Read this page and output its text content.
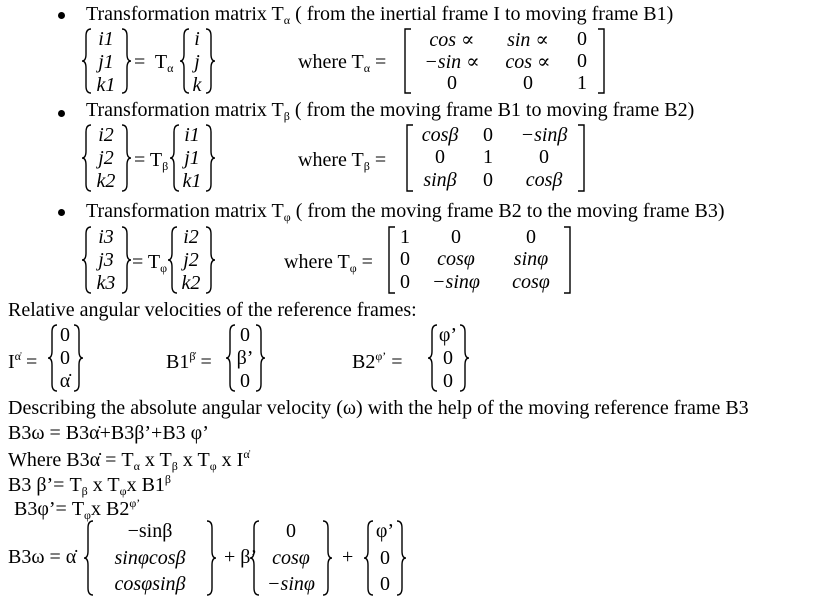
Transformation matrix $T_\alpha$ ( from the inertial frame I to moving frame B1)
i1
j1
k1
=  $T_\alpha$
i
j
k
where $T_\alpha$ =
cos ∝ sin ∝ 0
−sin ∝ cos ∝ 0
0	0 1
Transformation matrix $T_\beta$ ( from the moving frame B1 to moving frame B2)
i2
j2
k2
= $T_\beta$
i1
j1
k1
where $T_\beta$ =
cosβ 0 −sinβ
0 1 0
sinβ 0 cosβ
Transformation matrix $T_\varphi$ ( from the moving frame B2 to the moving frame B3)
i3
j3
k3
= $T_\varphi$
i2
j2
k2
where $T_\varphi$ =
1 0	0
0 cosφ sinφ
0 −sinφ cosφ
Relative angular velocities of the reference frames:
$I^{\alphȧ}$ =
0
0
α̇
$B1^{\betȧ}$ =
0
β’
0
$B2^{\varphi’}$ =
φ’
0
0
Describing the absolute angular velocity (ω) with the help of the moving reference frame B3
B3ω = B3α̇+B3β’+B3 φ’
Where B3α̇ = $T_\alpha$ x $T_\beta$ x $T_\varphi$ x $I^{\alphȧ}$
B3 β’= $T_\beta$ x $T_\varphi x$ $B1^\beta$
B3φ’= $T_\varphi x$ $B2^{\varphi’}$
B3ω = α̇
−sinβ
sinφcosβ
cosφsinβ
+ β’
0
cosφ
−sinφ
+
φ’
0
0
